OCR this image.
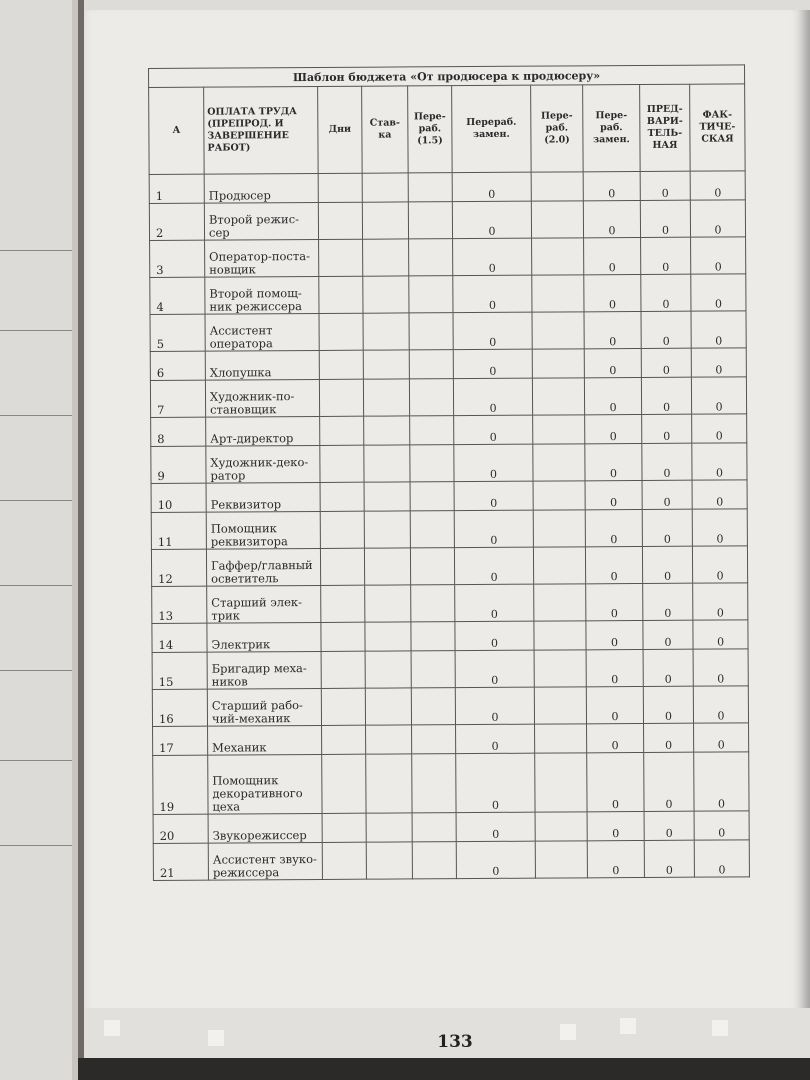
133
Шаблон бюджета «От продюсера к продюсеру»									
A	ОПЛАТА ТРУДА (ПРЕПРОД. И ЗАВЕРШЕНИЕ РАБОТ)	Дни	Став-ка	Пере-раб. (1.5)	Перераб. замен.	Пере-раб. (2.0)	Пере-раб. замен.	ПРЕД-ВАРИ-ТЕЛЬ-НАЯ	ФАК-ТИЧЕ-СКАЯ
1	Продюсер				0		0	0	0
2	Второй режис-сер				0		0	0	0
3	Оператор-поста-новщик				0		0	0	0
4	Второй помощ-ник режиссера				0		0	0	0
5	Ассистент оператора				0		0	0	0
6	Хлопушка				0		0	0	0
7	Художник-по-становщик				0		0	0	0
8	Арт-директор				0		0	0	0
9	Художник-деко-ратор				0		0	0	0
10	Реквизитор				0		0	0	0
11	Помощник реквизитора				0		0	0	0
12	Гаффер/главный осветитель				0		0	0	0
13	Старший элек-трик				0		0	0	0
14	Электрик				0		0	0	0
15	Бригадир меха-ников				0		0	0	0
16	Старший рабо-чий-механик				0		0	0	0
17	Механик				0		0	0	0
19	Помощник декоративного цеха				0		0	0	0
20	Звукорежиссер				0		0	0	0
21	Ассистент звуко-режиссера				0		0	0	0
